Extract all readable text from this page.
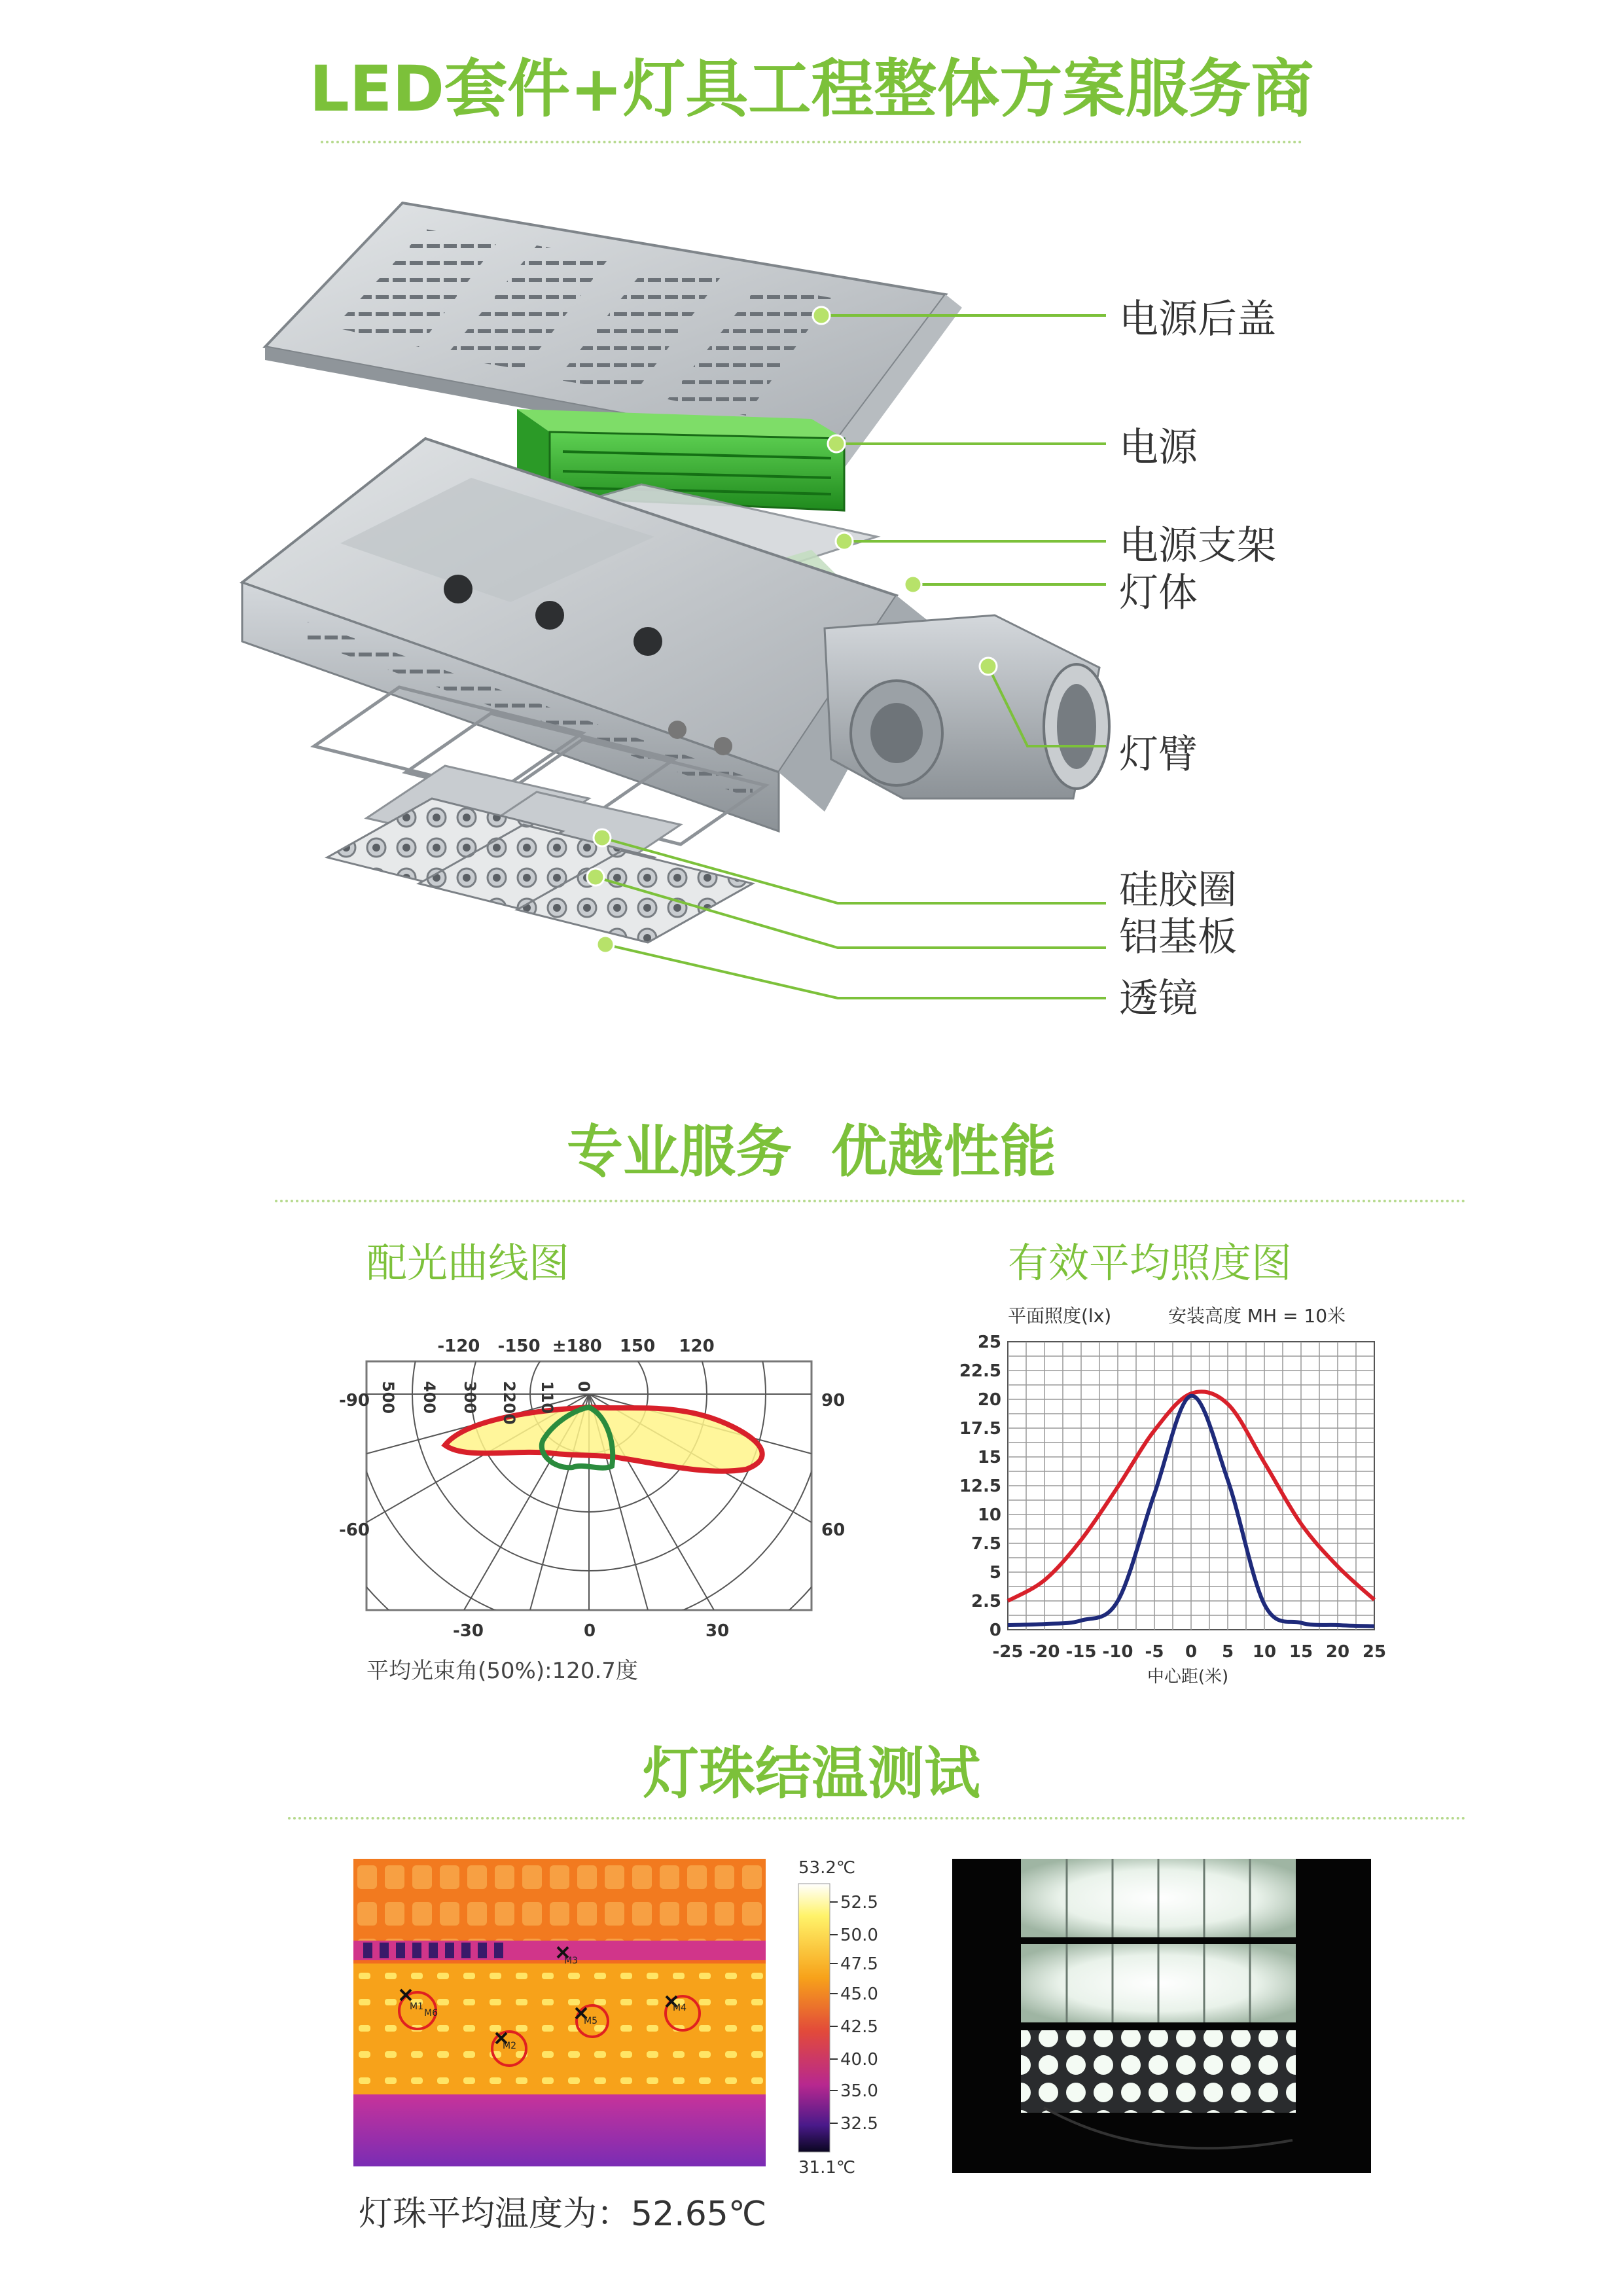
LED套件+灯具工程整体方案服务商
电源后盖
电源
电源支架
灯体
灯臂
硅胶圈
铝基板
透镜
专业服务  优越性能
配光曲线图	有效平均照度图
-120   -150  ±180   150    120
-90
-60
90
60
-30	0	30
500 400 300 2200 110 0
平均光束角(50%):120.7度
平面照度(lx)	安装高度 MH = 10米
0
2.5
5
7.5
10
12.5
15
17.5
20
22.5
25
-25 -20 -15 -10 -5 0 5 10 15 20 25
中心距(米)
灯珠结温测试
M1
M2
M3
M4
M5
M6
53.2℃
52.5
50.0
47.5
45.0
42.5
40.0
35.0
32.5
31.1℃
灯珠平均温度为：52.65℃
